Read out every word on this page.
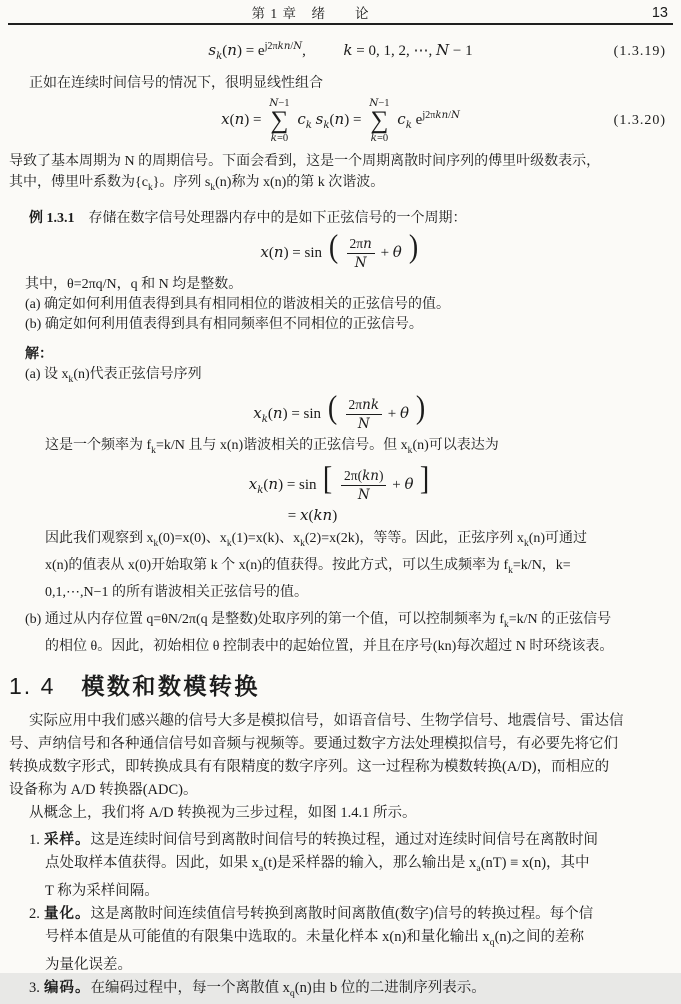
第 1 章　绪　　论	13
$s_k(n) = e^{j2\pi kn/N}$,          k = 0, 1, 2, ⋯, N − 1	(1.3.19)
正如在连续时间信号的情况下，很明显线性组合
x(n) =
N−1
∑
k=0
$c_k$ $s_k(n)$ =
N−1
∑
k=0
$c_k$ $e^{j2\pi kn/N}$	(1.3.20)
导致了基本周期为 N 的周期信号。下面会看到，这是一个周期离散时间序列的傅里叶级数表示，
其中，傅里叶系数为$\{c_k\}$。序列 $s_k(n)$称为 x(n)的第 k 次谐波。
例 1.3.1 存储在数字信号处理器内存中的是如下正弦信号的一个周期：
x(n) = sin ( $\frac{2\pi n}{N} + \theta$ )
其中，θ=2πq/N，q 和 N 均是整数。
(a) 确定如何利用值表得到具有相同相位的谐波相关的正弦信号的值。
(b) 确定如何利用值表得到具有相同频率但不同相位的正弦信号。
解：
(a) 设 $x_k(n)$代表正弦信号序列
$x_k(n) = \sin$ ( $\frac{\text{2πnk}}{N} + \theta$ )
这是一个频率为 $f_k=k/N$ 且与 x(n)谐波相关的正弦信号。但 $x_k(n)$可以表达为
$x_k(n) = \sin$ [ $\frac{2\pi(kn)}{N} + \theta$ ]
= x(kn)
因此我们观察到 $x_k(0)=x(0)$、$x_k(1)=x(k)$、$x_k(2)=x(2k)$，等等。因此，正弦序列 $x_k(n)$可通过
x(n)的值表从 x(0)开始取第 k 个 x(n)的值获得。按此方式，可以生成频率为 $f_k=k/N$，k=
0,1,⋯,N−1 的所有谐波相关正弦信号的值。
(b) 通过从内存位置 q=θN/2π(q 是整数)处取序列的第一个值，可以控制频率为 $f_k=k/N$ 的正弦信号
的相位 θ。因此，初始相位 θ 控制表中的起始位置，并且在序号(kn)每次超过 N 时环绕该表。
1. 4 模数和数模转换
实际应用中我们感兴趣的信号大多是模拟信号，如语音信号、生物学信号、地震信号、雷达信
号、声纳信号和各种通信信号如音频与视频等。要通过数字方法处理模拟信号，有必要先将它们
转换成数字形式，即转换成具有有限精度的数字序列。这一过程称为模数转换(A/D)，而相应的
设备称为 A/D 转换器(ADC)。
从概念上，我们将 A/D 转换视为三步过程，如图 1.4.1 所示。
1. 采样。这是连续时间信号到离散时间信号的转换过程，通过对连续时间信号在离散时间
点处取样本值获得。因此，如果 $x_a(t)$是采样器的输入，那么输出是 $x_a(nT) \equiv x(n)$，其中
T 称为采样间隔。
2. 量化。这是离散时间连续值信号转换到离散时间离散值(数字)信号的转换过程。每个信
号样本值是从可能值的有限集中选取的。未量化样本 x(n)和量化输出 $x_q(n)$之间的差称
为量化误差。
3. 编码。在编码过程中，每一个离散值 $x_q(n)$由 b 位的二进制序列表示。
